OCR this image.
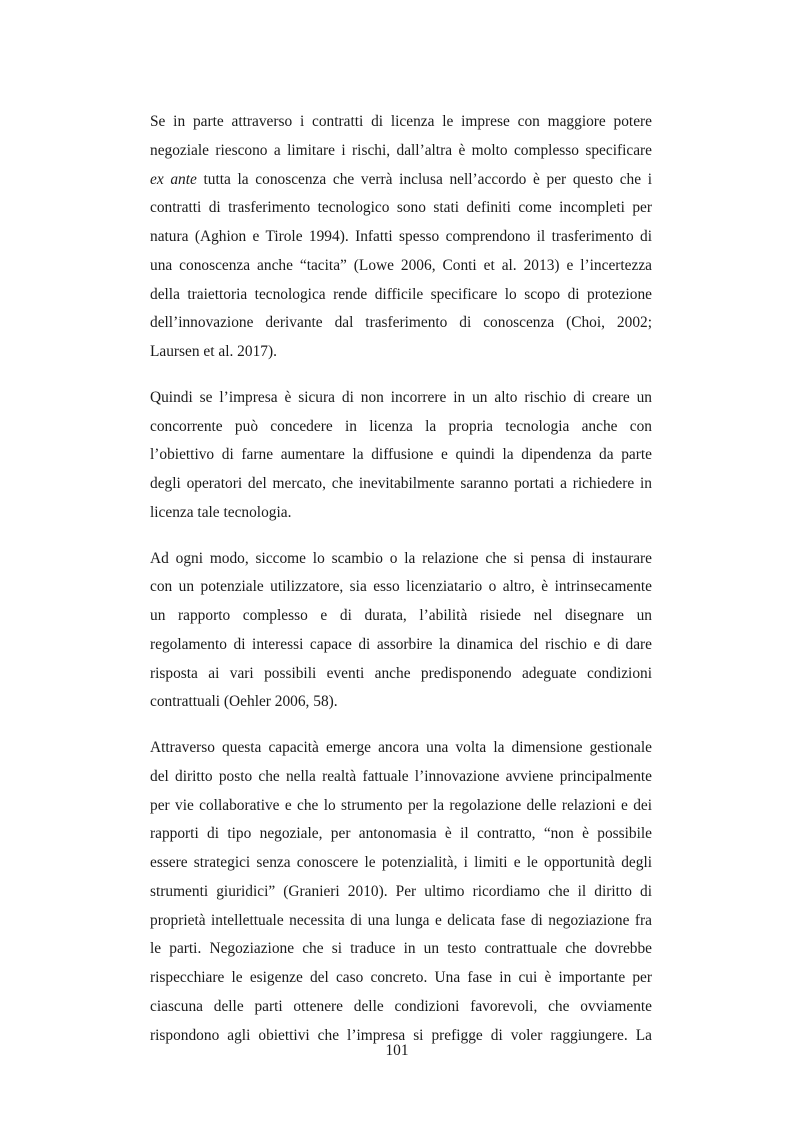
Se in parte attraverso i contratti di licenza le imprese con maggiore potere
negoziale riescono a limitare i rischi, dall’altra è molto complesso specificare
ex ante tutta la conoscenza che verrà inclusa nell’accordo è per questo che i
contratti di trasferimento tecnologico sono stati definiti come incompleti per
natura (Aghion e Tirole 1994). Infatti spesso comprendono il trasferimento di
una conoscenza anche “tacita” (Lowe 2006, Conti et al. 2013) e l’incertezza
della traiettoria tecnologica rende difficile specificare lo scopo di protezione
dell’innovazione derivante dal trasferimento di conoscenza (Choi, 2002;
Laursen et al. 2017).

Quindi se l’impresa è sicura di non incorrere in un alto rischio di creare un
concorrente può concedere in licenza la propria tecnologia anche con
l’obiettivo di farne aumentare la diffusione e quindi la dipendenza da parte
degli operatori del mercato, che inevitabilmente saranno portati a richiedere in
licenza tale tecnologia.

Ad ogni modo, siccome lo scambio o la relazione che si pensa di instaurare
con un potenziale utilizzatore, sia esso licenziatario o altro, è intrinsecamente
un rapporto complesso e di durata, l’abilità risiede nel disegnare un
regolamento di interessi capace di assorbire la dinamica del rischio e di dare
risposta ai vari possibili eventi anche predisponendo adeguate condizioni
contrattuali (Oehler 2006, 58).

Attraverso questa capacità emerge ancora una volta la dimensione gestionale
del diritto posto che nella realtà fattuale l’innovazione avviene principalmente
per vie collaborative e che lo strumento per la regolazione delle relazioni e dei
rapporti di tipo negoziale, per antonomasia è il contratto, “non è possibile
essere strategici senza conoscere le potenzialità, i limiti e le opportunità degli
strumenti giuridici” (Granieri 2010). Per ultimo ricordiamo che il diritto di
proprietà intellettuale necessita di una lunga e delicata fase di negoziazione fra
le parti. Negoziazione che si traduce in un testo contrattuale che dovrebbe
rispecchiare le esigenze del caso concreto. Una fase in cui è importante per
ciascuna delle parti ottenere delle condizioni favorevoli, che ovviamente
rispondono agli obiettivi che l’impresa si prefigge di voler raggiungere. La

101
